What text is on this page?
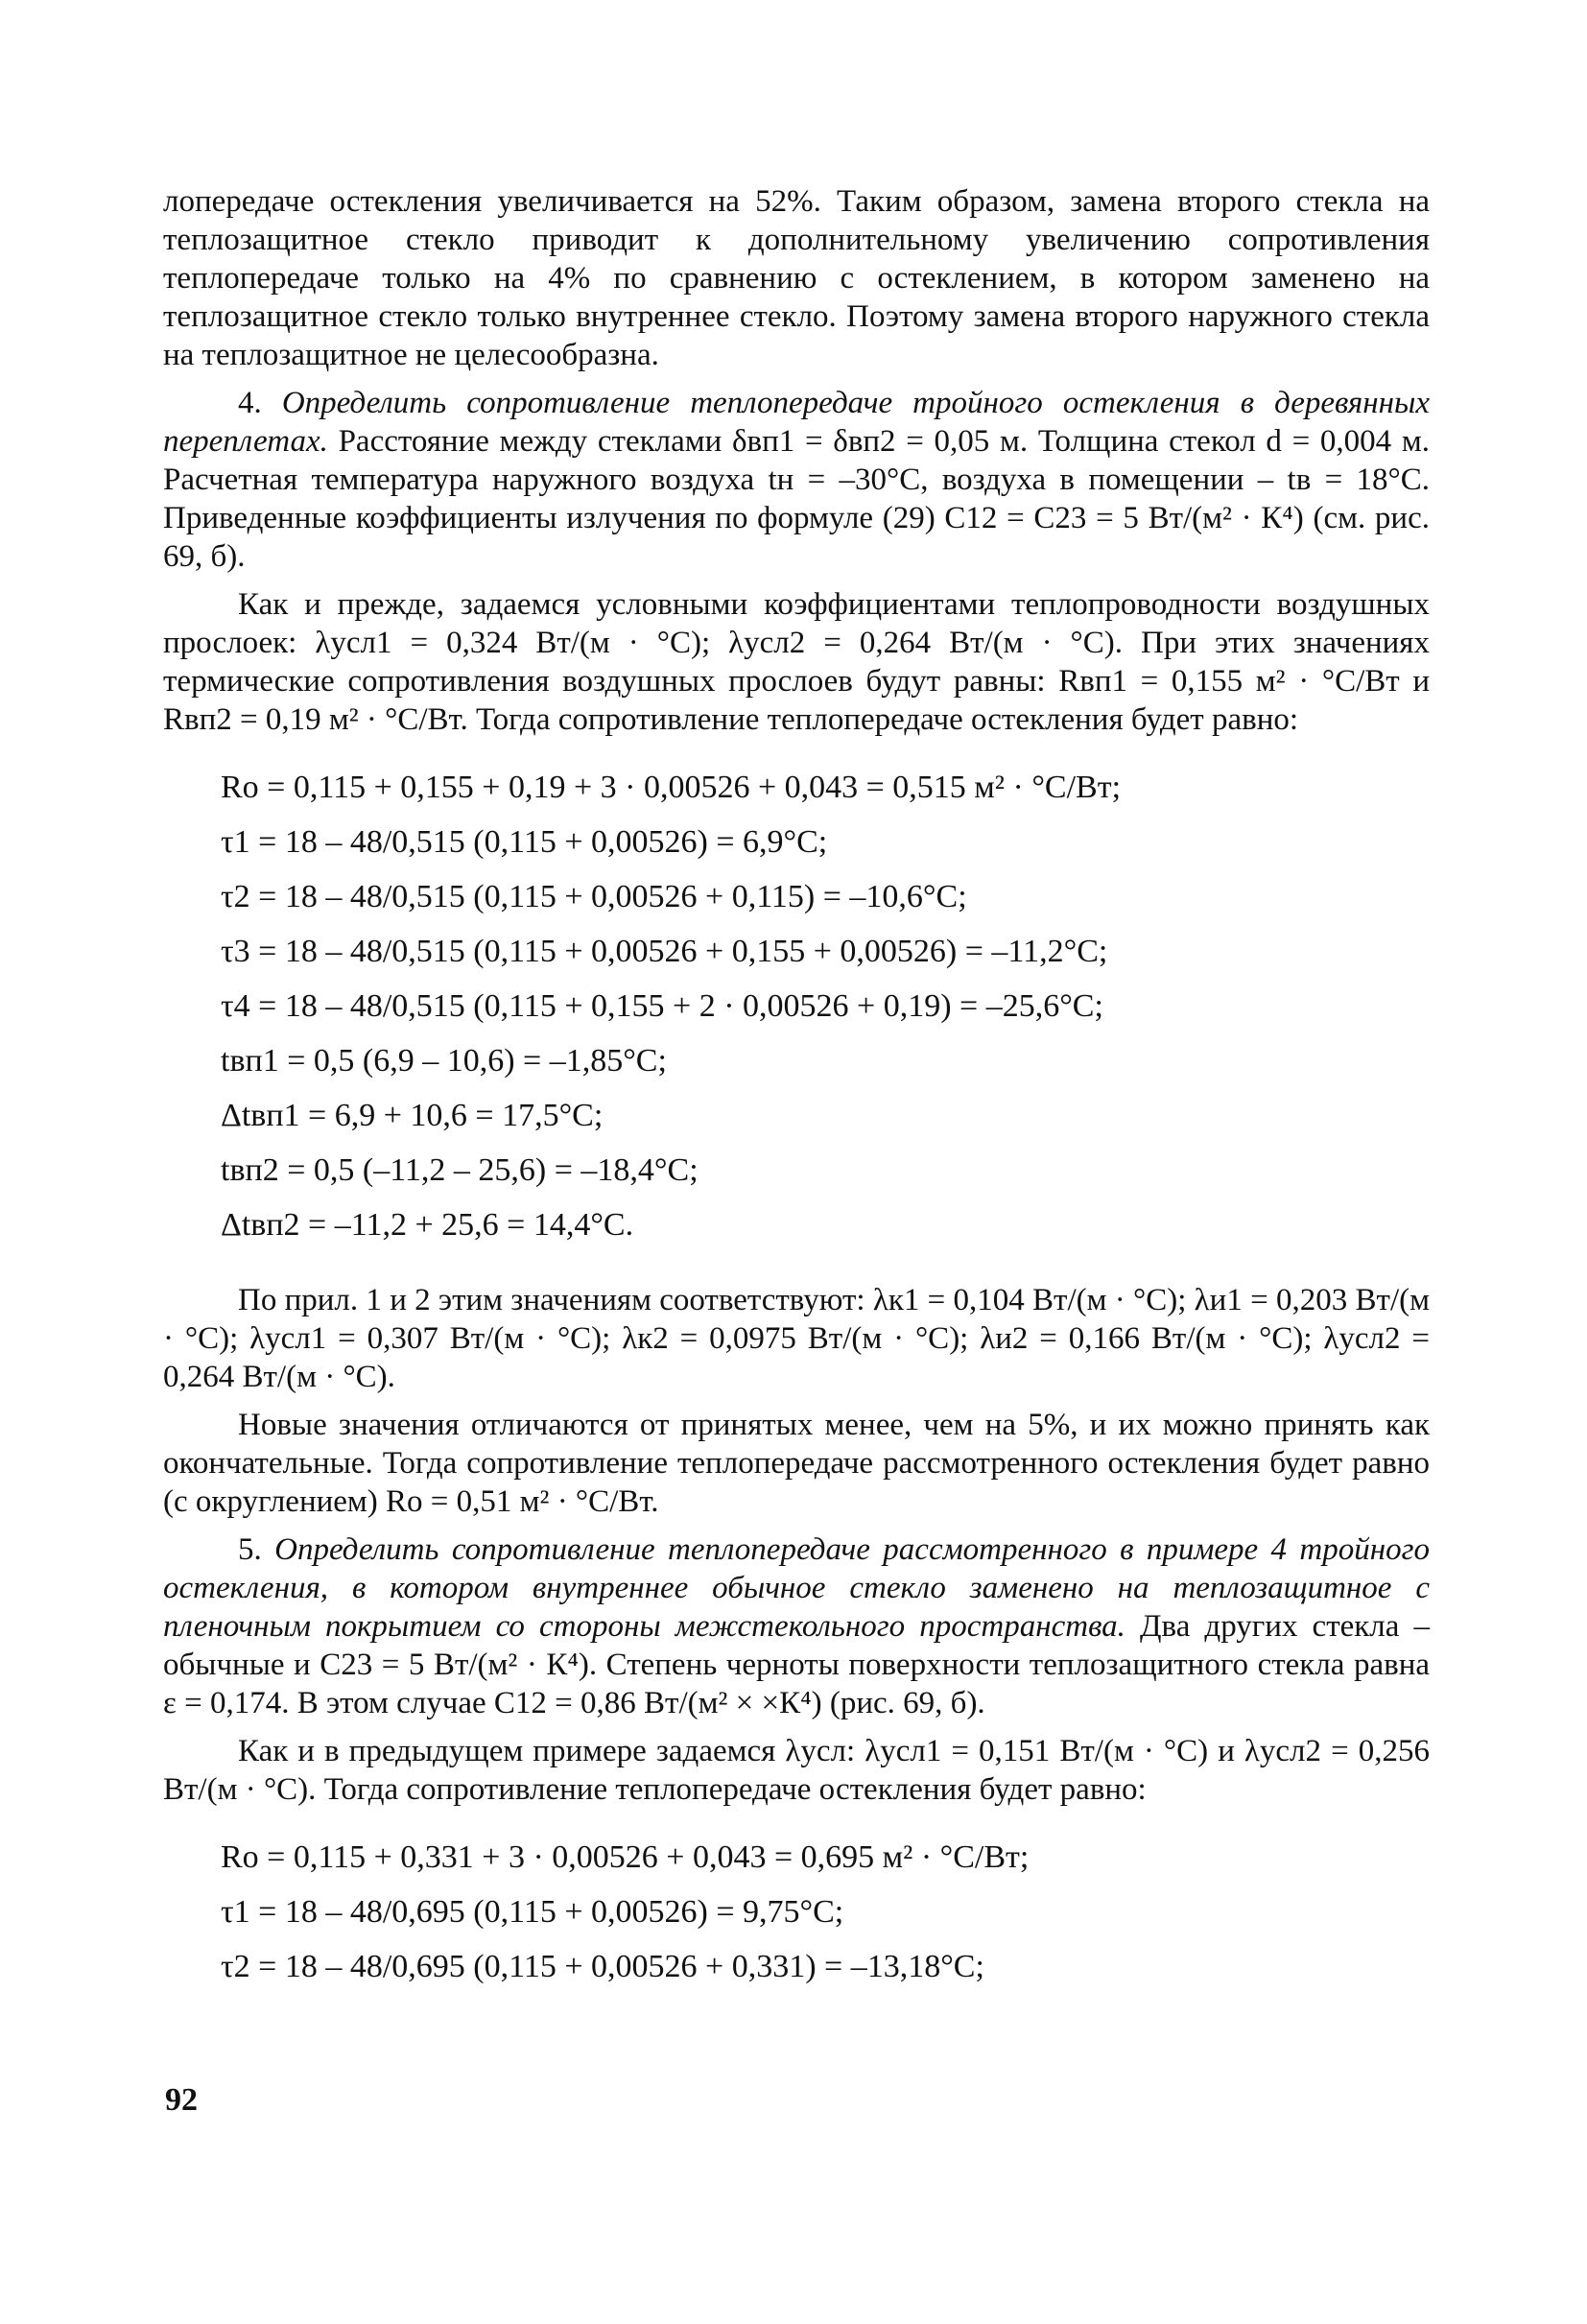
лопередаче остекления увеличивается на 52%. Таким образом, замена второго стекла на теплозащитное стекло приводит к дополнительному увеличению сопротивления теплопередаче только на 4% по сравнению с остеклением, в котором заменено на теплозащитное стекло только внутреннее стекло. Поэтому замена второго наружного стекла на теплозащитное не целесообразна.

4. Определить сопротивление теплопередаче тройного остекления в деревянных переплетах. Расстояние между стеклами δвп1 = δвп2 = 0,05 м. Толщина стекол d = 0,004 м. Расчетная температура наружного воздуха tн = –30°С, воздуха в помещении – tв = 18°С. Приведенные коэффициенты излучения по формуле (29) C12 = C23 = 5 Вт/(м² · К⁴) (см. рис. 69, б).

Как и прежде, задаемся условными коэффициентами теплопроводности воздушных прослоек: λусл1 = 0,324 Вт/(м · °С); λусл2 = 0,264 Вт/(м · °С). При этих значениях термические сопротивления воздушных прослоев будут равны: Rвп1 = 0,155 м² · °С/Вт и Rвп2 = 0,19 м² · °С/Вт. Тогда сопротивление теплопередаче остекления будет равно:

Rо = 0,115 + 0,155 + 0,19 + 3 · 0,00526 + 0,043 = 0,515 м² · °С/Вт;
τ1 = 18 – 48/0,515 (0,115 + 0,00526) = 6,9°С;
τ2 = 18 – 48/0,515 (0,115 + 0,00526 + 0,115) = –10,6°С;
τ3 = 18 – 48/0,515 (0,115 + 0,00526 + 0,155 + 0,00526) = –11,2°С;
τ4 = 18 – 48/0,515 (0,115 + 0,155 + 2 · 0,00526 + 0,19) = –25,6°С;
tвп1 = 0,5 (6,9 – 10,6) = –1,85°С;
Δtвп1 = 6,9 + 10,6 = 17,5°С;
tвп2 = 0,5 (–11,2 – 25,6) = –18,4°С;
Δtвп2 = –11,2 + 25,6 = 14,4°С.

По прил. 1 и 2 этим значениям соответствуют: λк1 = 0,104 Вт/(м · °С); λи1 = 0,203 Вт/(м · °С); λусл1 = 0,307 Вт/(м · °С); λк2 = 0,0975 Вт/(м · °С); λи2 = 0,166 Вт/(м · °С); λусл2 = 0,264 Вт/(м · °С).

Новые значения отличаются от принятых менее, чем на 5%, и их можно принять как окончательные. Тогда сопротивление теплопередаче рассмотренного остекления будет равно (с округлением) Rо = 0,51 м² · °С/Вт.

5. Определить сопротивление теплопередаче рассмотренного в примере 4 тройного остекления, в котором внутреннее обычное стекло заменено на теплозащитное с пленочным покрытием со стороны межстекольного пространства. Два других стекла – обычные и C23 = 5 Вт/(м² · К⁴). Степень черноты поверхности теплозащитного стекла равна ε = 0,174. В этом случае C12 = 0,86 Вт/(м² × ×К⁴) (рис. 69, б).

Как и в предыдущем примере задаемся λусл: λусл1 = 0,151 Вт/(м · °С) и λусл2 = 0,256 Вт/(м · °С). Тогда сопротивление теплопередаче остекления будет равно:

Rо = 0,115 + 0,331 + 3 · 0,00526 + 0,043 = 0,695 м² · °С/Вт;
τ1 = 18 – 48/0,695 (0,115 + 0,00526) = 9,75°С;
τ2 = 18 – 48/0,695 (0,115 + 0,00526 + 0,331) = –13,18°С;
92
